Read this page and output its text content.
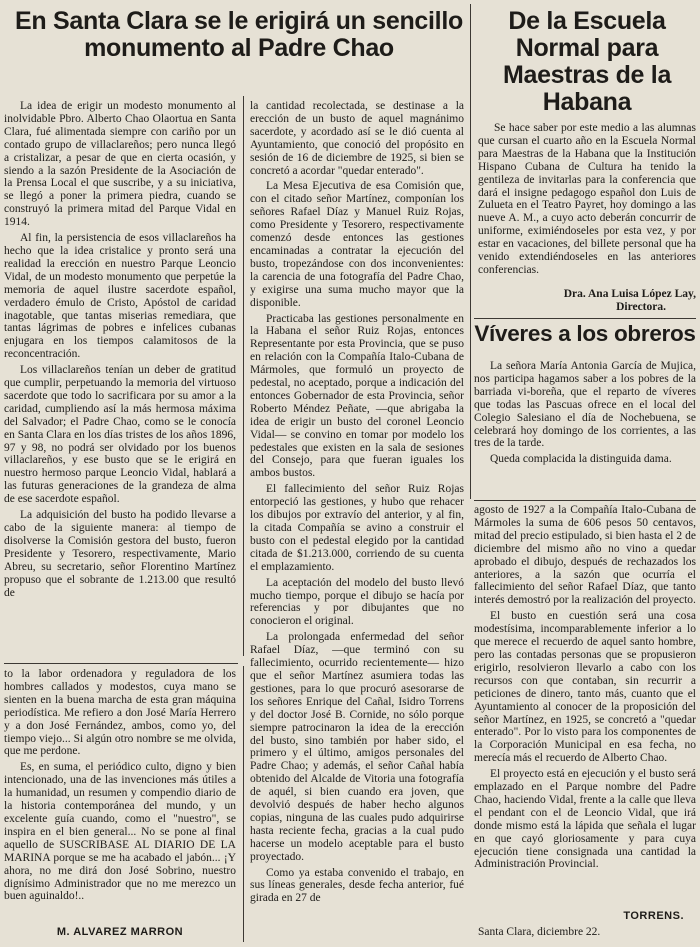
En Santa Clara se le erigirá un sencillo monumento al Padre Chao
De la Escuela Normal para Maestras de la Habana

La idea de erigir un modesto monumento al inolvidable Pbro. Alberto Chao Olaortua en Santa Clara, fué alimentada siempre con cariño por un contado grupo de villaclareños; pero nunca llegó a cristalizar, a pesar de que en cierta ocasión, y siendo a la sazón Presidente de la Asociación de la Prensa Local el que suscribe, y a su iniciativa, se llegó a poner la primera piedra, cuando se construyó la primera mitad del Parque Vidal en 1914.

Al fin, la persistencia de esos villaclareños ha hecho que la idea cristalice y pronto será una realidad la erección en nuestro Parque Leoncio Vidal, de un modesto monumento que perpetúe la memoria de aquel ilustre sacerdote español, verdadero émulo de Cristo, Apóstol de caridad inagotable, que tantas miserias remediara, que tantas lágrimas de pobres e infelices cubanas enjugara en los tiempos calamitosos de la reconcentración.

Los villaclareños tenían un deber de gratitud que cumplir, perpetuando la memoria del virtuoso sacerdote que todo lo sacrificara por su amor a la caridad, cumpliendo así la más hermosa máxima del Salvador; el Padre Chao, como se le conocía en Santa Clara en los días tristes de los años 1896, 97 y 98, no podrá ser olvidado por los buenos villaclareños, y ese busto que se le erigirá en nuestro hermoso parque Leoncio Vidal, hablará a las futuras generaciones de la grandeza de alma de ese sacerdote español.

La adquisición del busto ha podido llevarse a cabo de la siguiente manera: al tiempo de disolverse la Comisión gestora del busto, fueron Presidente y Tesorero, respectivamente, Mario Abreu, su secretario, señor Florentino Martínez propuso que el sobrante de 1.213.00 que resultó de

to la labor ordenadora y reguladora de los hombres callados y modestos, cuya mano se sienten en la buena marcha de esta gran máquina periodística. Me refiero a don José María Herrero y a don José Fernández, ambos, como yo, del tiempo viejo... Si algún otro nombre se me olvida, que me perdone.

Es, en suma, el periódico culto, digno y bien intencionado, una de las invenciones más útiles a la humanidad, un resumen y compendio diario de la historia contemporánea del mundo, y un excelente guía cuando, como el "nuestro", se inspira en el bien general... No se pone al final aquello de SUSCRIBASE AL DIARIO DE LA MARINA porque se me ha acabado el jabón... ¡Y ahora, no me dirá don José Sobrino, nuestro dignísimo Administrador que no me merezco un buen aguinaldo!..

M. ALVAREZ MARRON

la cantidad recolectada, se destinase a la erección de un busto de aquel magnánimo sacerdote, y acordado así se le dió cuenta al Ayuntamiento, que conoció del propósito en sesión de 16 de diciembre de 1925, si bien se concretó a acordar "quedar enterado".

La Mesa Ejecutiva de esa Comisión que, con el citado señor Martínez, componían los señores Rafael Díaz y Manuel Ruiz Rojas, como Presidente y Tesorero, respectivamente comenzó desde entonces las gestiones encaminadas a contratar la ejecución del busto, tropezándose con dos inconvenientes: la carencia de una fotografía del Padre Chao, y exigirse una suma mucho mayor que la disponible.

Practicaba las gestiones personalmente en la Habana el señor Ruiz Rojas, entonces Representante por esta Provincia, que se puso en relación con la Compañía Italo-Cubana de Mármoles, que formuló un proyecto de pedestal, no aceptado, porque a indicación del entonces Gobernador de esta Provincia, señor Roberto Méndez Peñate, —que abrigaba la idea de erigir un busto del coronel Leoncio Vidal— se convino en tomar por modelo los pedestales que existen en la sala de sesiones del Consejo, para que fueran iguales los ambos bustos.

El fallecimiento del señor Ruiz Rojas entorpeció las gestiones, y hubo que rehacer los dibujos por extravío del anterior, y al fin, la citada Compañía se avino a construir el busto con el pedestal elegido por la cantidad citada de $1.213.000, corriendo de su cuenta el emplazamiento.

La aceptación del modelo del busto llevó mucho tiempo, porque el dibujo se hacía por referencias y por dibujantes que no conocieron el original.

La prolongada enfermedad del señor Rafael Díaz, —que terminó con su fallecimiento, ocurrido recientemente— hizo que el señor Martínez asumiera todas las gestiones, para lo que procuró asesorarse de los señores Enrique del Cañal, Isidro Torrens y del doctor José B. Cornide, no sólo porque siempre patrocinaron la idea de la erección del busto, sino también por haber sido, el primero y el último, amigos personales del Padre Chao; y además, el señor Cañal había obtenido del Alcalde de Vitoria una fotografía de aquél, si bien cuando era joven, que devolvió después de haber hecho algunos copias, ninguna de las cuales pudo adquirirse hasta reciente fecha, gracias a la cual pudo hacerse un modelo aceptable para el busto proyectado.

Como ya estaba convenido el trabajo, en sus líneas generales, desde fecha anterior, fué girada en 27 de

Se hace saber por este medio a las alumnas que cursan el cuarto año en la Escuela Normal para Maestras de la Habana que la Institución Hispano Cubana de Cultura ha tenido la gentileza de invitarlas para la conferencia que dará el insigne pedagogo español don Luis de Zulueta en el Teatro Payret, hoy domingo a las nueve A. M., a cuyo acto deberán concurrir de uniforme, eximiéndoseles por esta vez, y por estar en vacaciones, del billete personal que ha venido extendiéndoseles en las anteriores conferencias.

Dra. Ana Luisa López Lay,
Directora.
Víveres a los obreros

La señora María Antonia García de Mujica, nos participa hagamos saber a los pobres de la barriada vi-boreña, que el reparto de víveres que todas las Pascuas ofrece en el local del Colegio Salesiano el día de Nochebuena, se celebrará hoy domingo de los corrientes, a las tres de la tarde.

Queda complacida la distinguida dama.

agosto de 1927 a la Compañía Italo-Cubana de Mármoles la suma de 606 pesos 50 centavos, mitad del precio estipulado, si bien hasta el 2 de diciembre del mismo año no vino a quedar aprobado el dibujo, después de rechazados los anteriores, a la sazón que ocurría el fallecimiento del señor Rafael Díaz, que tanto interés demostró por la realización del proyecto.

El busto en cuestión será una cosa modestísima, incomparablemente inferior a lo que merece el recuerdo de aquel santo hombre, pero las contadas personas que se propusieron erigirlo, resolvieron llevarlo a cabo con los recursos con que contaban, sin recurrir a peticiones de dinero, tanto más, cuanto que el Ayuntamiento al conocer de la proposición del señor Martínez, en 1925, se concretó a "quedar enterado". Por lo visto para los componentes de la Corporación Municipal en esa fecha, no merecía más el recuerdo de Alberto Chao.

El proyecto está en ejecución y el busto será emplazado en el Parque nombre del Padre Chao, haciendo Vidal, frente a la calle que lleva el pendant con el de Leoncio Vidal, que irá donde mismo está la lápida que señala el lugar en que cayó gloriosamente y para cuya ejecución tiene consignada una cantidad la Administración Provincial.

TORRENS.
Santa Clara, diciembre 22.
